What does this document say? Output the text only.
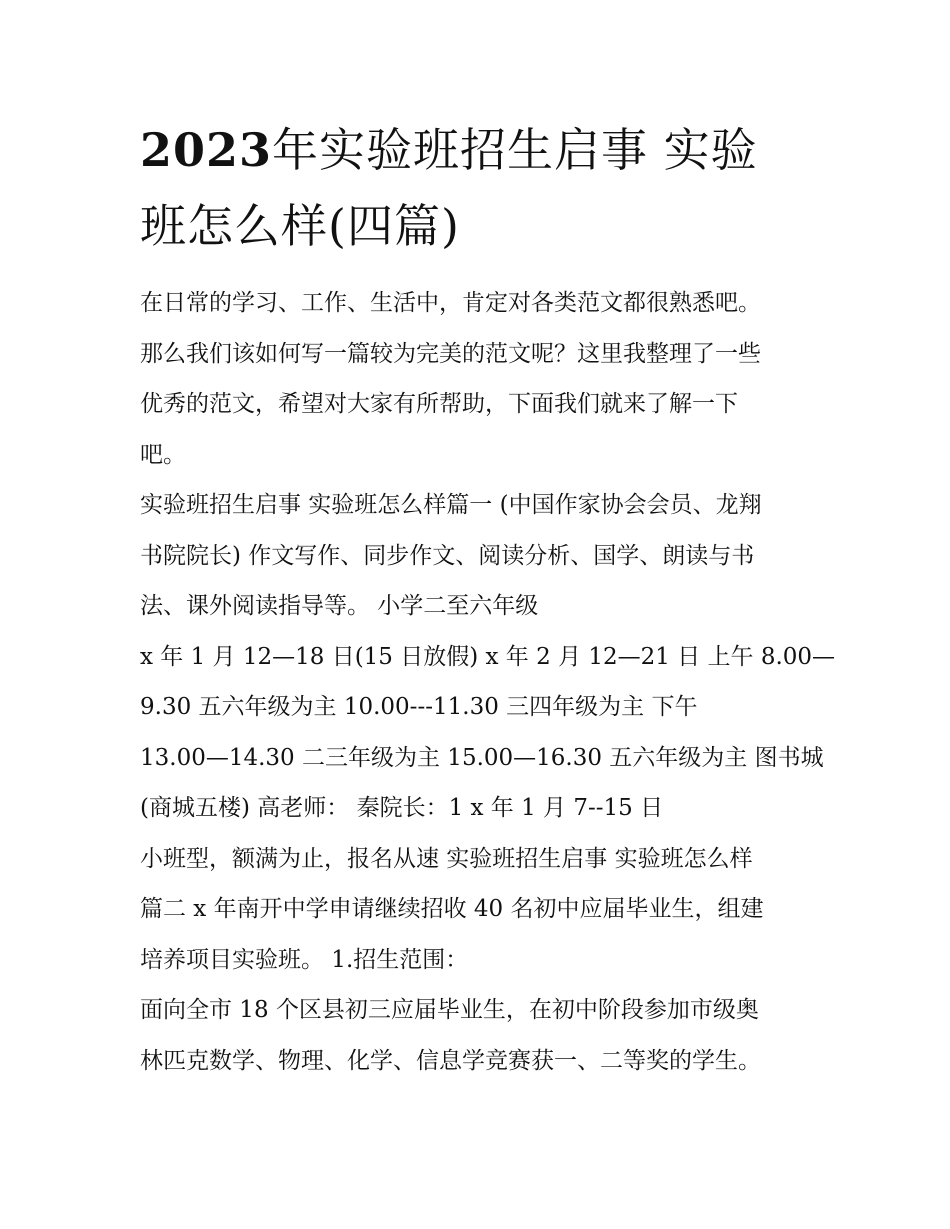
2023年实验班招生启事 实验
班怎么样(四篇)

在日常的学习、工作、生活中，肯定对各类范文都很熟悉吧。
那么我们该如何写一篇较为完美的范文呢？这里我整理了一些
优秀的范文，希望对大家有所帮助，下面我们就来了解一下
吧。

实验班招生启事 实验班怎么样篇一 (中国作家协会会员、龙翔
书院院长) 作文写作、同步作文、阅读分析、国学、朗读与书
法、课外阅读指导等。 小学二至六年级

x 年 1 月 12—18 日(15 日放假) x 年 2 月 12—21 日 上午 8.00—
9.30 五六年级为主 10.00---11.30 三四年级为主 下午
13.00—14.30 二三年级为主 15.00—16.30 五六年级为主 图书城
(商城五楼) 高老师： 秦院长：1 x 年 1 月 7--15 日

小班型，额满为止，报名从速 实验班招生启事 实验班怎么样
篇二 x 年南开中学申请继续招收 40 名初中应届毕业生，组建
培养项目实验班。 1.招生范围：

面向全市 18 个区县初三应届毕业生，在初中阶段参加市级奥
林匹克数学、物理、化学、信息学竞赛获一、二等奖的学生。
